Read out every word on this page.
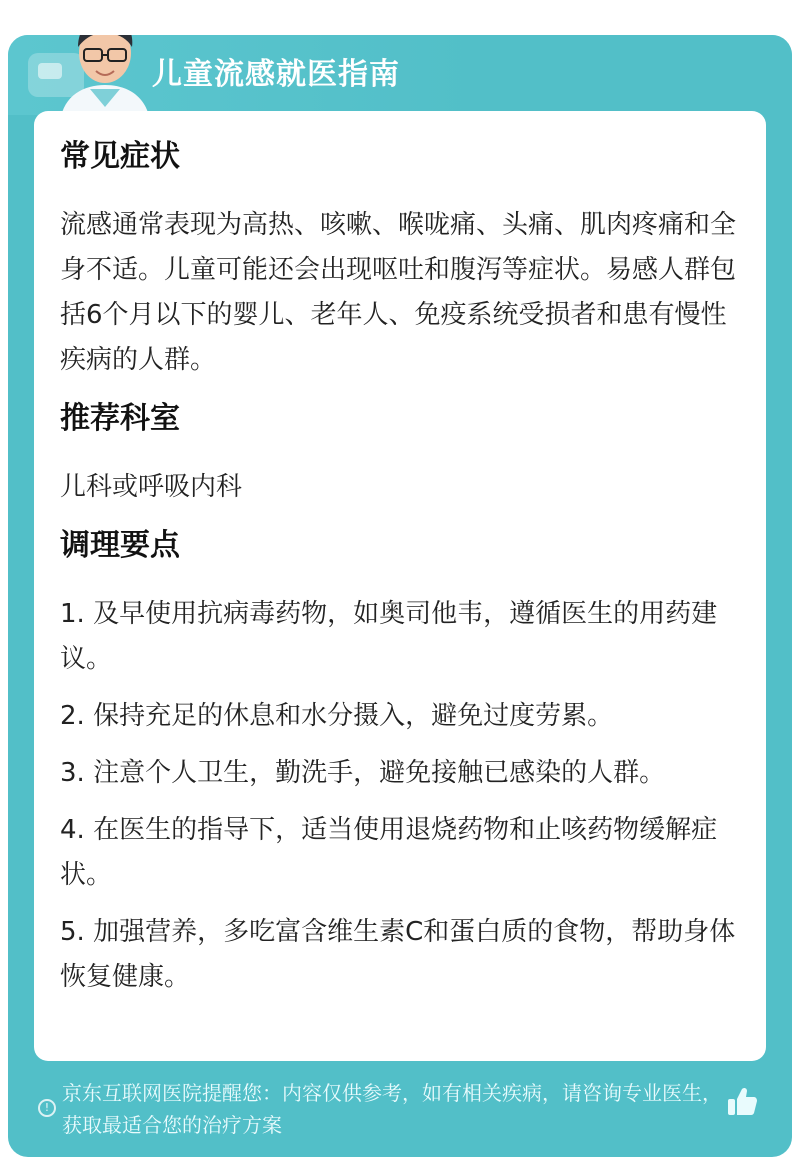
儿童流感就医指南
常见症状
流感通常表现为高热、咳嗽、喉咙痛、头痛、肌肉疼痛和全身不适。儿童可能还会出现呕吐和腹泻等症状。易感人群包括6个月以下的婴儿、老年人、免疫系统受损者和患有慢性疾病的人群。
推荐科室
儿科或呼吸内科
调理要点
1. 及早使用抗病毒药物，如奥司他韦，遵循医生的用药建议。
2. 保持充足的休息和水分摄入，避免过度劳累。
3. 注意个人卫生，勤洗手，避免接触已感染的人群。
4. 在医生的指导下，适当使用退烧药物和止咳药物缓解症状。
5. 加强营养，多吃富含维生素C和蛋白质的食物，帮助身体恢复健康。
!
京东互联网医院提醒您：内容仅供参考，如有相关疾病，请咨询专业医生，获取最适合您的治疗方案
